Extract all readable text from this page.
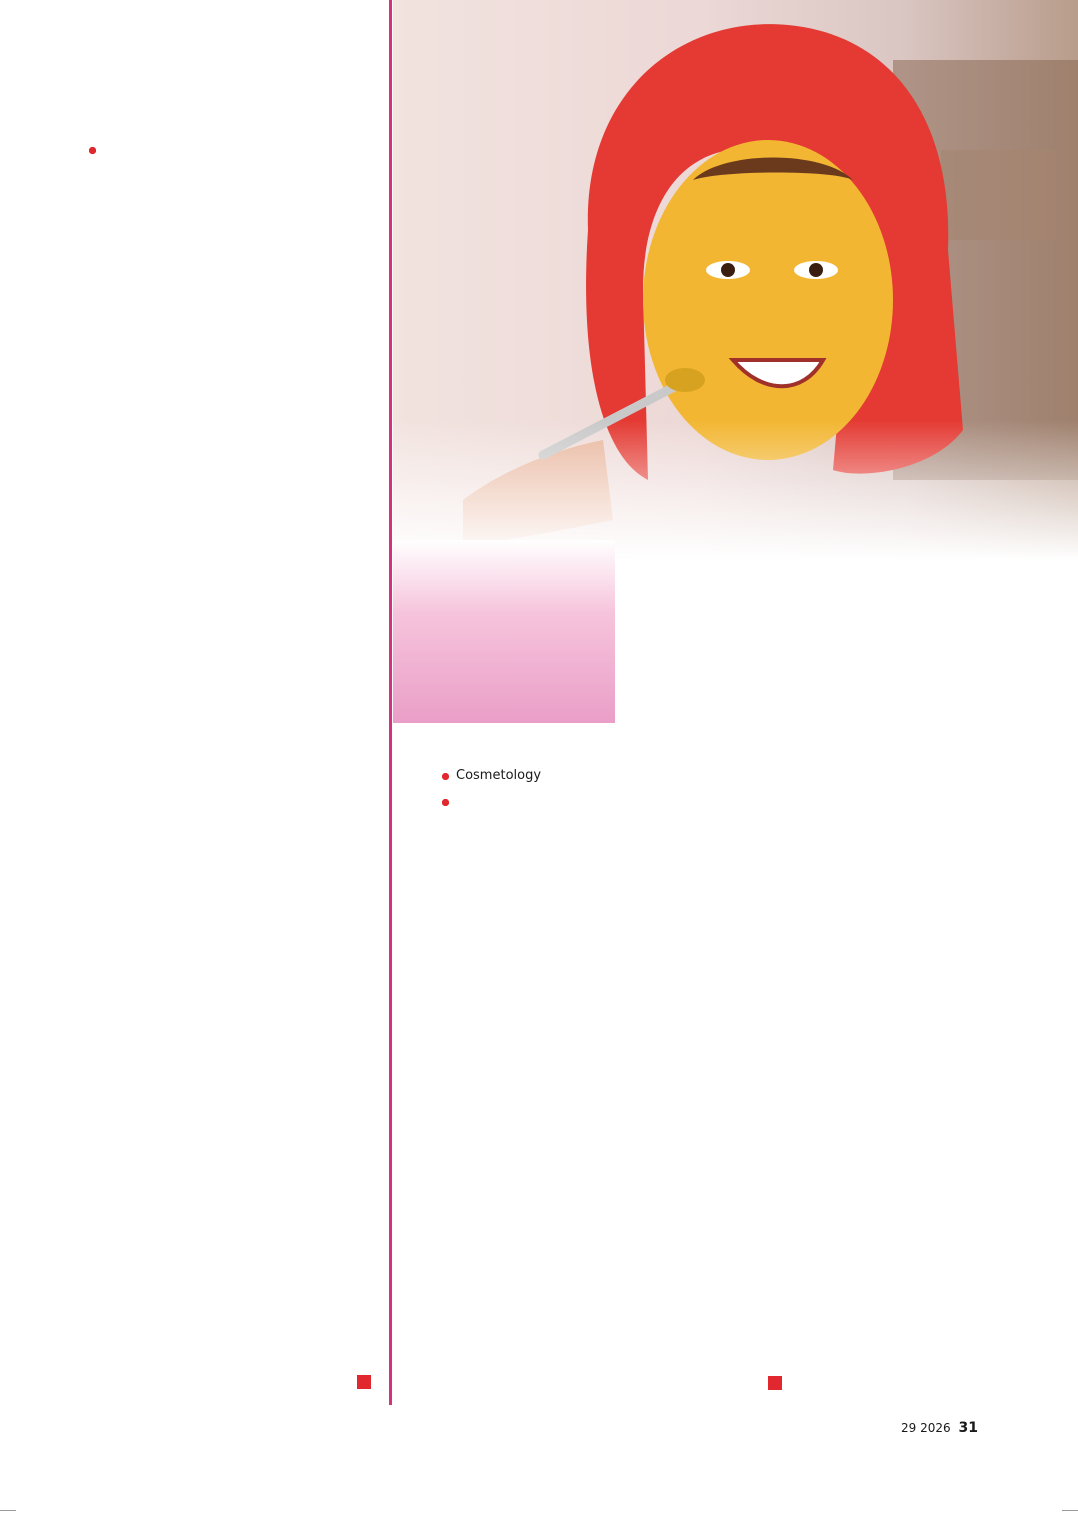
Cosmetology
29 2026 31
